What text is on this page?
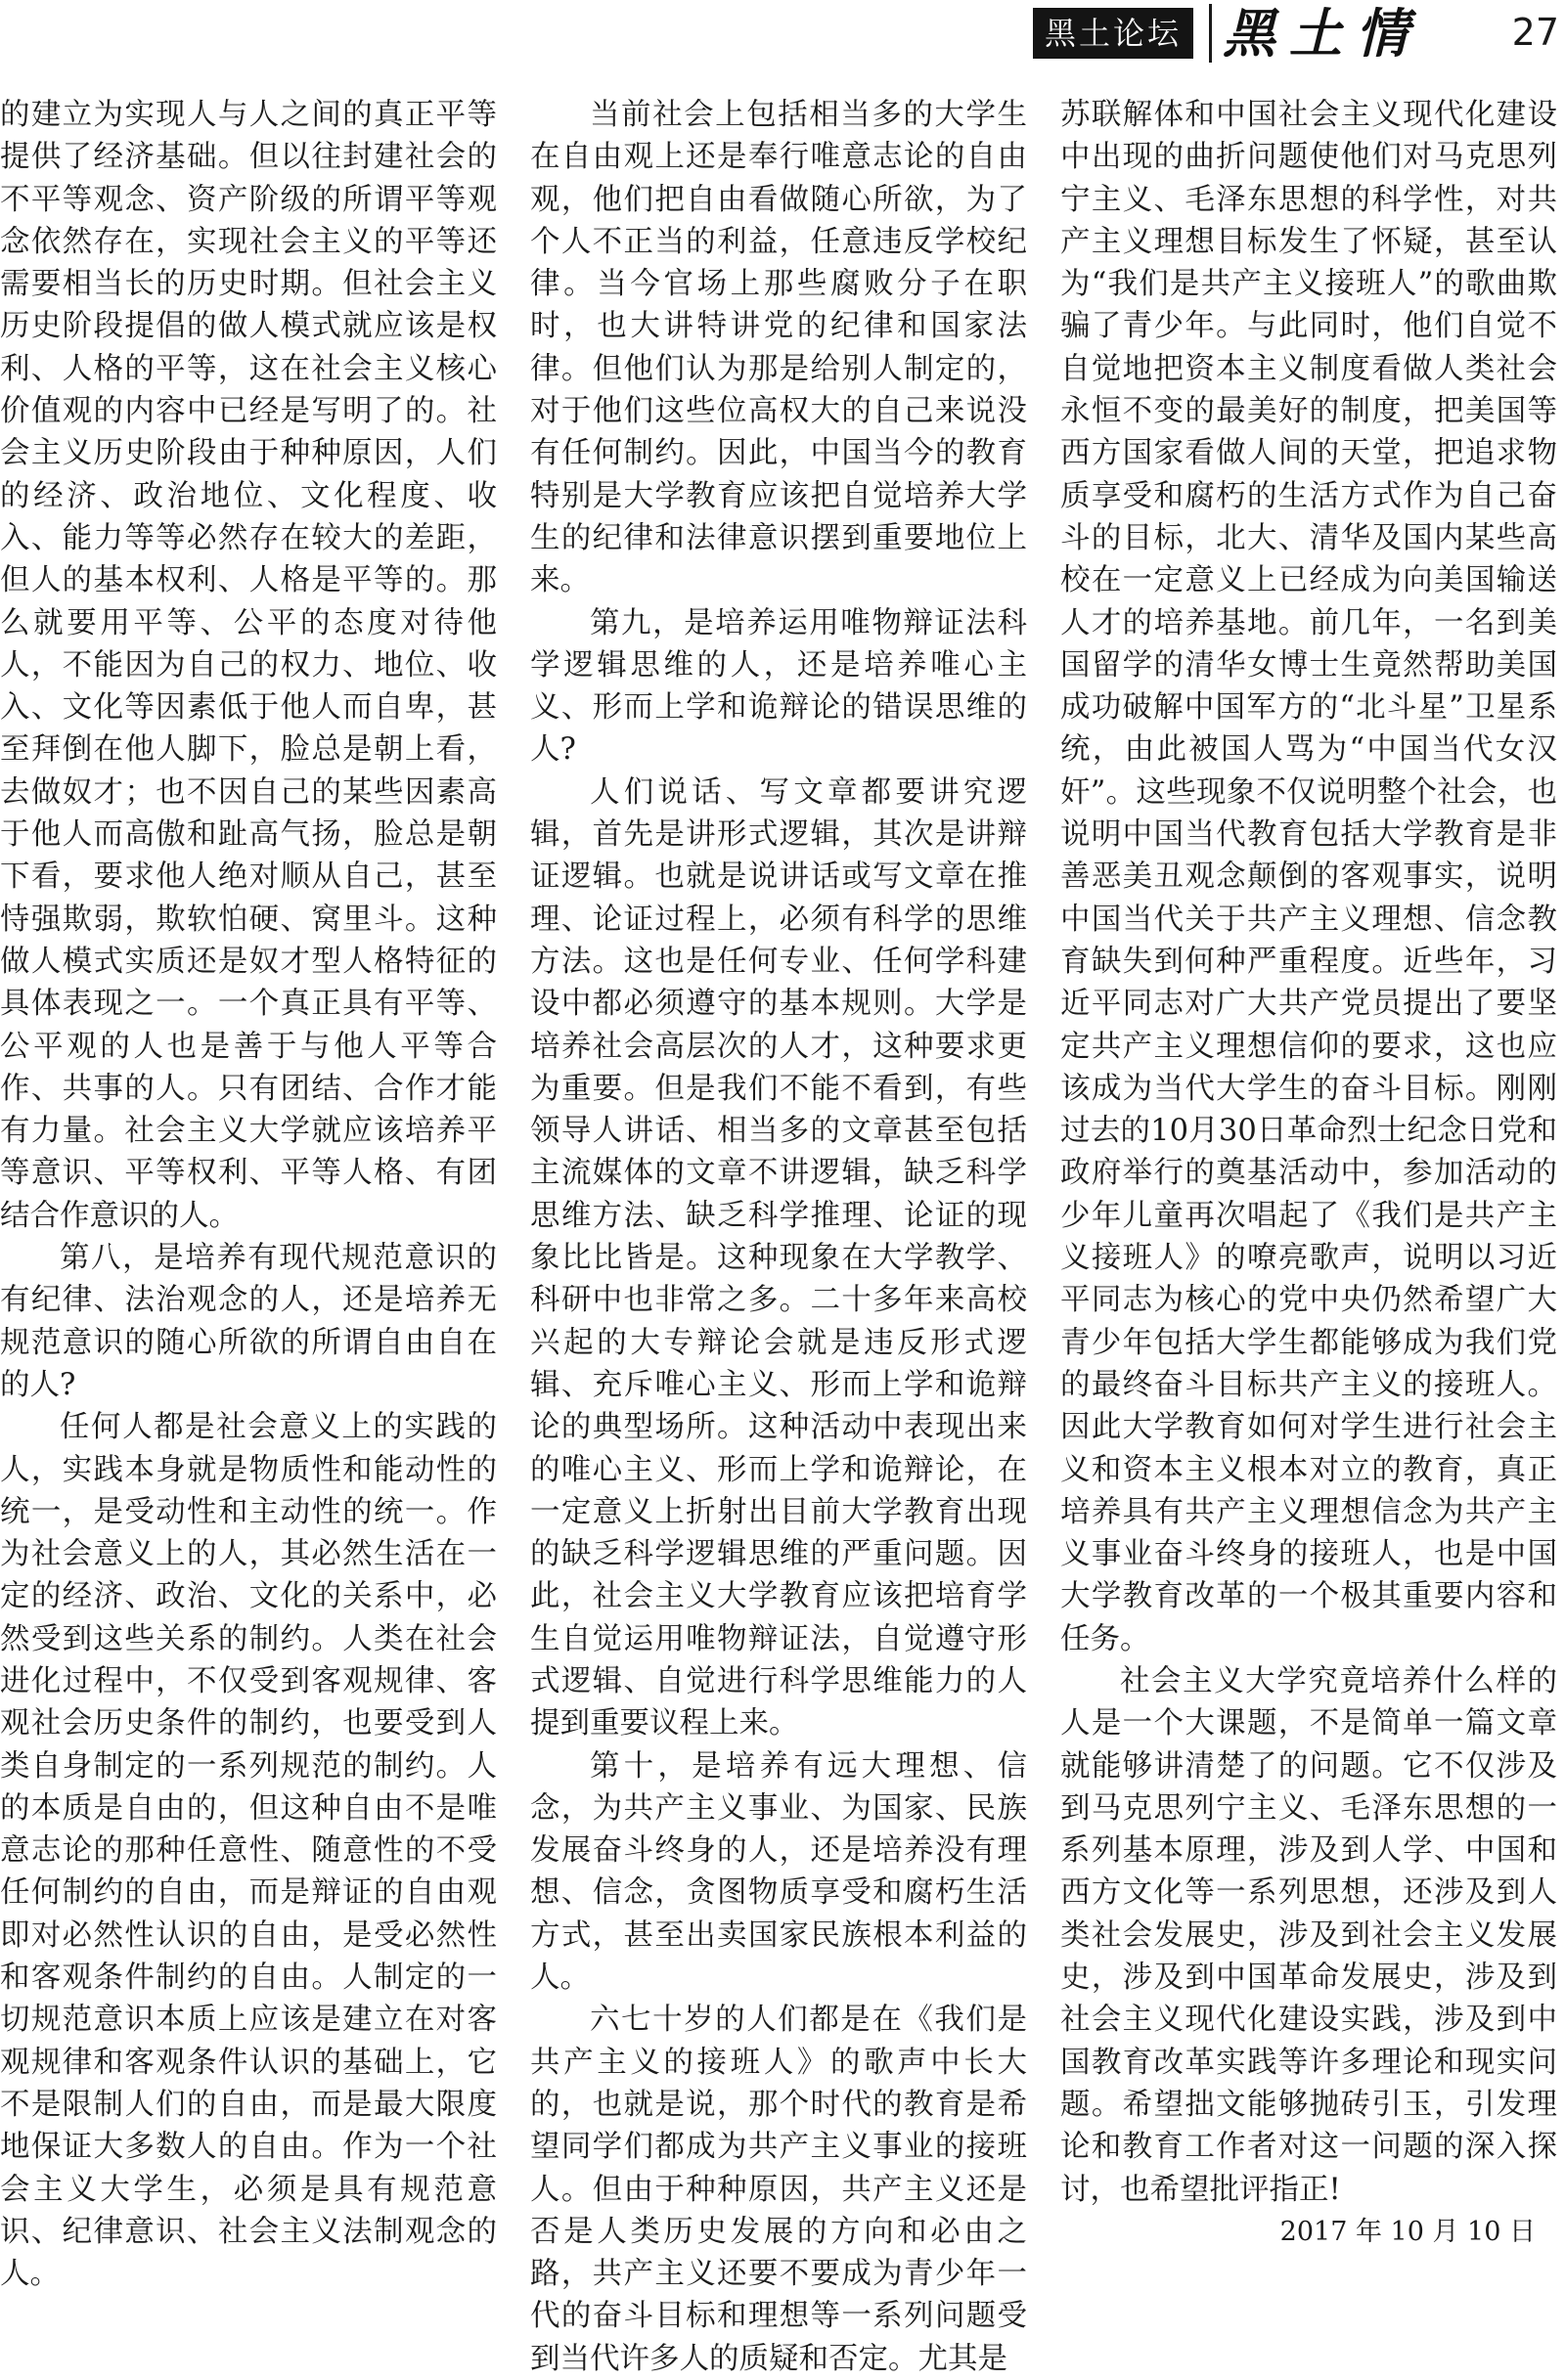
黑土论坛 黑土情	27

的建立为实现人与人之间的真正平等提供了经济基础。但以往封建社会的不平等观念、资产阶级的所谓平等观念依然存在，实现社会主义的平等还需要相当长的历史时期。但社会主义历史阶段提倡的做人模式就应该是权利、人格的平等，这在社会主义核心价值观的内容中已经是写明了的。社会主义历史阶段由于种种原因，人们的经济、政治地位、文化程度、收入、能力等等必然存在较大的差距，但人的基本权利、人格是平等的。那么就要用平等、公平的态度对待他人，不能因为自己的权力、地位、收入、文化等因素低于他人而自卑，甚至拜倒在他人脚下，脸总是朝上看，去做奴才；也不因自己的某些因素高于他人而高傲和趾高气扬，脸总是朝下看，要求他人绝对顺从自己，甚至恃强欺弱，欺软怕硬、窝里斗。这种做人模式实质还是奴才型人格特征的具体表现之一。一个真正具有平等、公平观的人也是善于与他人平等合作、共事的人。只有团结、合作才能有力量。社会主义大学就应该培养平等意识、平等权利、平等人格、有团结合作意识的人。

第八，是培养有现代规范意识的有纪律、法治观念的人，还是培养无规范意识的随心所欲的所谓自由自在的人?

任何人都是社会意义上的实践的人，实践本身就是物质性和能动性的统一，是受动性和主动性的统一。作为社会意义上的人，其必然生活在一定的经济、政治、文化的关系中，必然受到这些关系的制约。人类在社会进化过程中，不仅受到客观规律、客观社会历史条件的制约，也要受到人类自身制定的一系列规范的制约。人的本质是自由的，但这种自由不是唯意志论的那种任意性、随意性的不受任何制约的自由，而是辩证的自由观即对必然性认识的自由，是受必然性和客观条件制约的自由。人制定的一切规范意识本质上应该是建立在对客观规律和客观条件认识的基础上，它不是限制人们的自由，而是最大限度地保证大多数人的自由。作为一个社会主义大学生，必须是具有规范意识、纪律意识、社会主义法制观念的人。

当前社会上包括相当多的大学生在自由观上还是奉行唯意志论的自由观，他们把自由看做随心所欲，为了个人不正当的利益，任意违反学校纪律。当今官场上那些腐败分子在职时，也大讲特讲党的纪律和国家法律。但他们认为那是给别人制定的，对于他们这些位高权大的自己来说没有任何制约。因此，中国当今的教育特别是大学教育应该把自觉培养大学生的纪律和法律意识摆到重要地位上来。

第九，是培养运用唯物辩证法科学逻辑思维的人，还是培养唯心主义、形而上学和诡辩论的错误思维的人?

人们说话、写文章都要讲究逻辑，首先是讲形式逻辑，其次是讲辩证逻辑。也就是说讲话或写文章在推理、论证过程上，必须有科学的思维方法。这也是任何专业、任何学科建设中都必须遵守的基本规则。大学是培养社会高层次的人才，这种要求更为重要。但是我们不能不看到，有些领导人讲话、相当多的文章甚至包括主流媒体的文章不讲逻辑，缺乏科学思维方法、缺乏科学推理、论证的现象比比皆是。这种现象在大学教学、科研中也非常之多。二十多年来高校兴起的大专辩论会就是违反形式逻辑、充斥唯心主义、形而上学和诡辩论的典型场所。这种活动中表现出来的唯心主义、形而上学和诡辩论，在一定意义上折射出目前大学教育出现的缺乏科学逻辑思维的严重问题。因此，社会主义大学教育应该把培育学生自觉运用唯物辩证法，自觉遵守形式逻辑、自觉进行科学思维能力的人提到重要议程上来。

第十，是培养有远大理想、信念，为共产主义事业、为国家、民族发展奋斗终身的人，还是培养没有理想、信念，贪图物质享受和腐朽生活方式，甚至出卖国家民族根本利益的人。

六七十岁的人们都是在《我们是共产主义的接班人》的歌声中长大的，也就是说，那个时代的教育是希望同学们都成为共产主义事业的接班人。但由于种种原因，共产主义还是否是人类历史发展的方向和必由之路，共产主义还要不要成为青少年一代的奋斗目标和理想等一系列问题受到当代许多人的质疑和否定。尤其是

苏联解体和中国社会主义现代化建设中出现的曲折问题使他们对马克思列宁主义、毛泽东思想的科学性，对共产主义理想目标发生了怀疑，甚至认为“我们是共产主义接班人”的歌曲欺骗了青少年。与此同时，他们自觉不自觉地把资本主义制度看做人类社会永恒不变的最美好的制度，把美国等西方国家看做人间的天堂，把追求物质享受和腐朽的生活方式作为自己奋斗的目标，北大、清华及国内某些高校在一定意义上已经成为向美国输送人才的培养基地。前几年，一名到美国留学的清华女博士生竟然帮助美国成功破解中国军方的“北斗星”卫星系统，由此被国人骂为“中国当代女汉奸”。这些现象不仅说明整个社会，也说明中国当代教育包括大学教育是非善恶美丑观念颠倒的客观事实，说明中国当代关于共产主义理想、信念教育缺失到何种严重程度。近些年，习近平同志对广大共产党员提出了要坚定共产主义理想信仰的要求，这也应该成为当代大学生的奋斗目标。刚刚过去的10月30日革命烈士纪念日党和政府举行的奠基活动中，参加活动的少年儿童再次唱起了《我们是共产主义接班人》的嘹亮歌声，说明以习近平同志为核心的党中央仍然希望广大青少年包括大学生都能够成为我们党的最终奋斗目标共产主义的接班人。因此大学教育如何对学生进行社会主义和资本主义根本对立的教育，真正培养具有共产主义理想信念为共产主义事业奋斗终身的接班人，也是中国大学教育改革的一个极其重要内容和任务。

社会主义大学究竟培养什么样的人是一个大课题，不是简单一篇文章就能够讲清楚了的问题。它不仅涉及到马克思列宁主义、毛泽东思想的一系列基本原理，涉及到人学、中国和西方文化等一系列思想，还涉及到人类社会发展史，涉及到社会主义发展史，涉及到中国革命发展史，涉及到社会主义现代化建设实践，涉及到中国教育改革实践等许多理论和现实问题。希望拙文能够抛砖引玉，引发理论和教育工作者对这一问题的深入探讨，也希望批评指正!

2017 年 10 月 10 日
